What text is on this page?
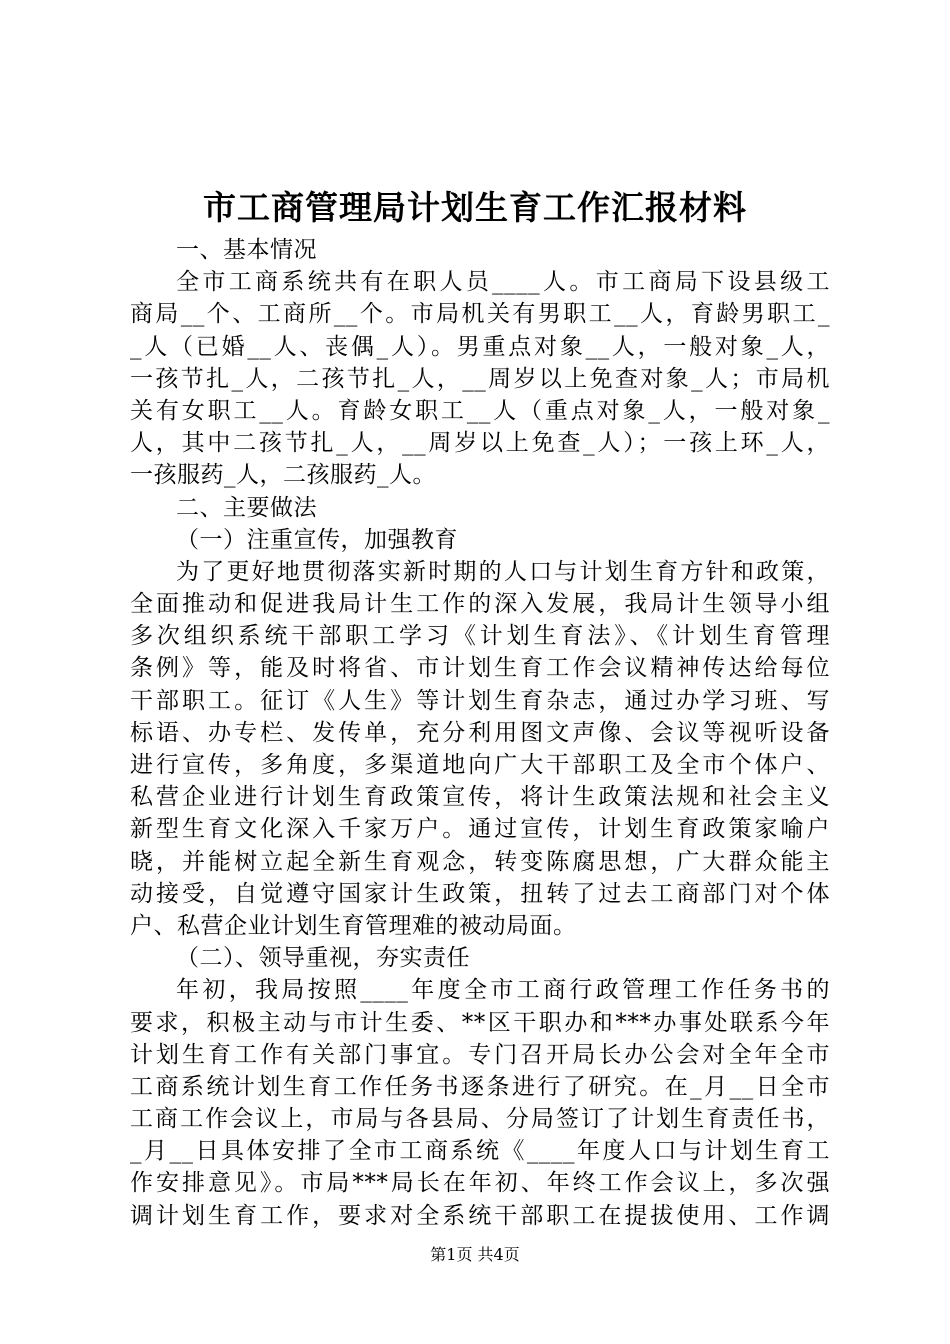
市工商管理局计划生育工作汇报材料
一、基本情况
全市工商系统共有在职人员____人。市工商局下设县级工
商局__个、工商所__个。市局机关有男职工__人，育龄男职工_
_人（已婚__人、丧偶_人）。男重点对象__人，一般对象_人，
一孩节扎_人，二孩节扎_人，__周岁以上免查对象_人；市局机
关有女职工__人。育龄女职工__人（重点对象_人，一般对象_
人，其中二孩节扎_人，__周岁以上免查_人）；一孩上环_人，
一孩服药_人，二孩服药_人。
二、主要做法
（一）注重宣传，加强教育
为了更好地贯彻落实新时期的人口与计划生育方针和政策，
全面推动和促进我局计生工作的深入发展，我局计生领导小组
多次组织系统干部职工学习《计划生育法》、《计划生育管理
条例》等，能及时将省、市计划生育工作会议精神传达给每位
干部职工。征订《人生》等计划生育杂志，通过办学习班、写
标语、办专栏、发传单，充分利用图文声像、会议等视听设备
进行宣传，多角度，多渠道地向广大干部职工及全市个体户、
私营企业进行计划生育政策宣传，将计生政策法规和社会主义
新型生育文化深入千家万户。通过宣传，计划生育政策家喻户
晓，并能树立起全新生育观念，转变陈腐思想，广大群众能主
动接受，自觉遵守国家计生政策，扭转了过去工商部门对个体
户、私营企业计划生育管理难的被动局面。
（二）、领导重视，夯实责任
年初，我局按照____年度全市工商行政管理工作任务书的
要求，积极主动与市计生委、**区干职办和***办事处联系今年
计划生育工作有关部门事宜。专门召开局长办公会对全年全市
工商系统计划生育工作任务书逐条进行了研究。在_月__日全市
工商工作会议上，市局与各县局、分局签订了计划生育责任书，
_月__日具体安排了全市工商系统《____年度人口与计划生育工
作安排意见》。市局***局长在年初、年终工作会议上，多次强
调计划生育工作，要求对全系统干部职工在提拔使用、工作调
第1页 共4页
